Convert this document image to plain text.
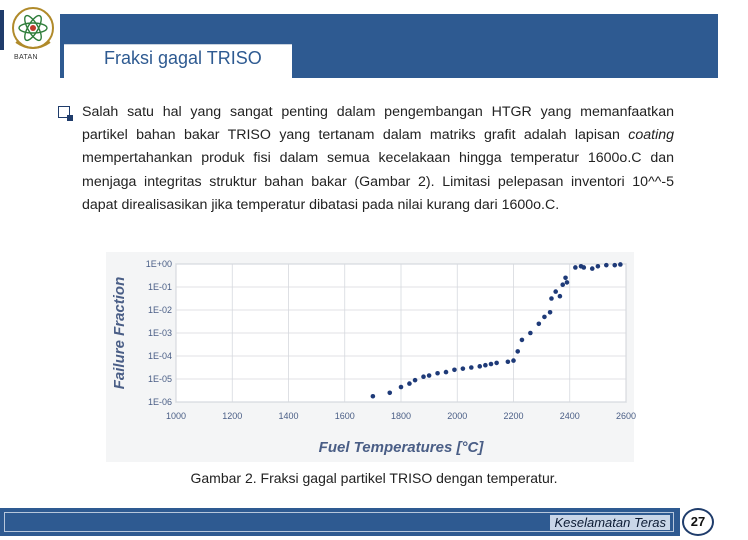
BATAN	Fraksi gagal TRISO
Salah satu hal yang sangat penting dalam pengembangan HTGR yang memanfaatkan partikel bahan bakar TRISO yang tertanam dalam matriks grafit adalah lapisan coating mempertahankan produk fisi dalam semua kecelakaan hingga temperatur 1600o.C dan menjaga integritas struktur bahan bakar (Gambar 2). Limitasi pelepasan inventori 10^^-5 dapat direalisasikan jika temperatur dibatasi pada nilai kurang dari 1600o.C.
1000	1200	1400	1600	1800	2000	2200	2400	2600
1E+00
1E-01
1E-02
1E-03
1E-04
1E-05
1E-06
Fuel Temperatures [°C]
Failure Fraction
Gambar 2. Fraksi gagal partikel TRISO dengan temperatur.
Keselamatan Teras	27
